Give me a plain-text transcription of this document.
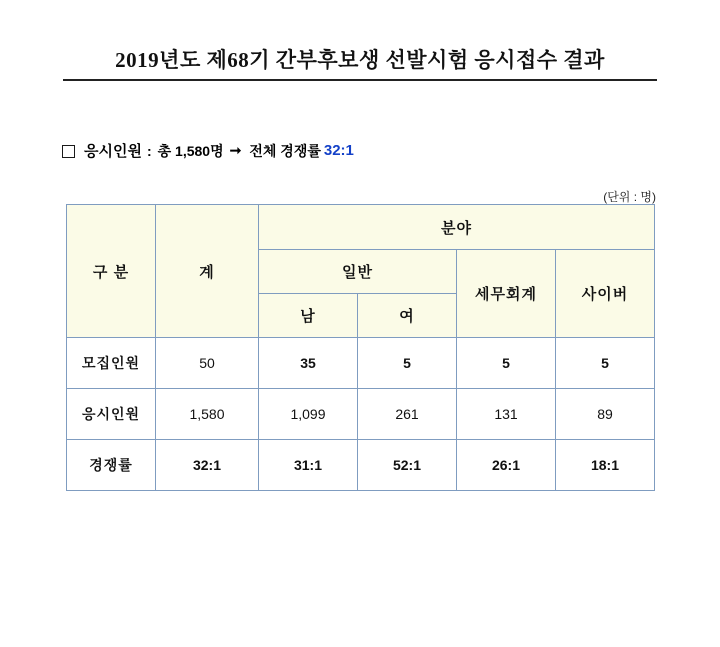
2019년도 제68기 간부후보생 선발시험 응시접수 결과
응시인원 : 총 1,580명 ➞ 전체 경쟁률 32:1
(단위 : 명)
구 분	계	분야			
		일반		세무회계	사이버
		남	여		
모집인원	50	35	5	5	5
응시인원	1,580	1,099	261	131	89
경쟁률	32:1	31:1	52:1	26:1	18:1
